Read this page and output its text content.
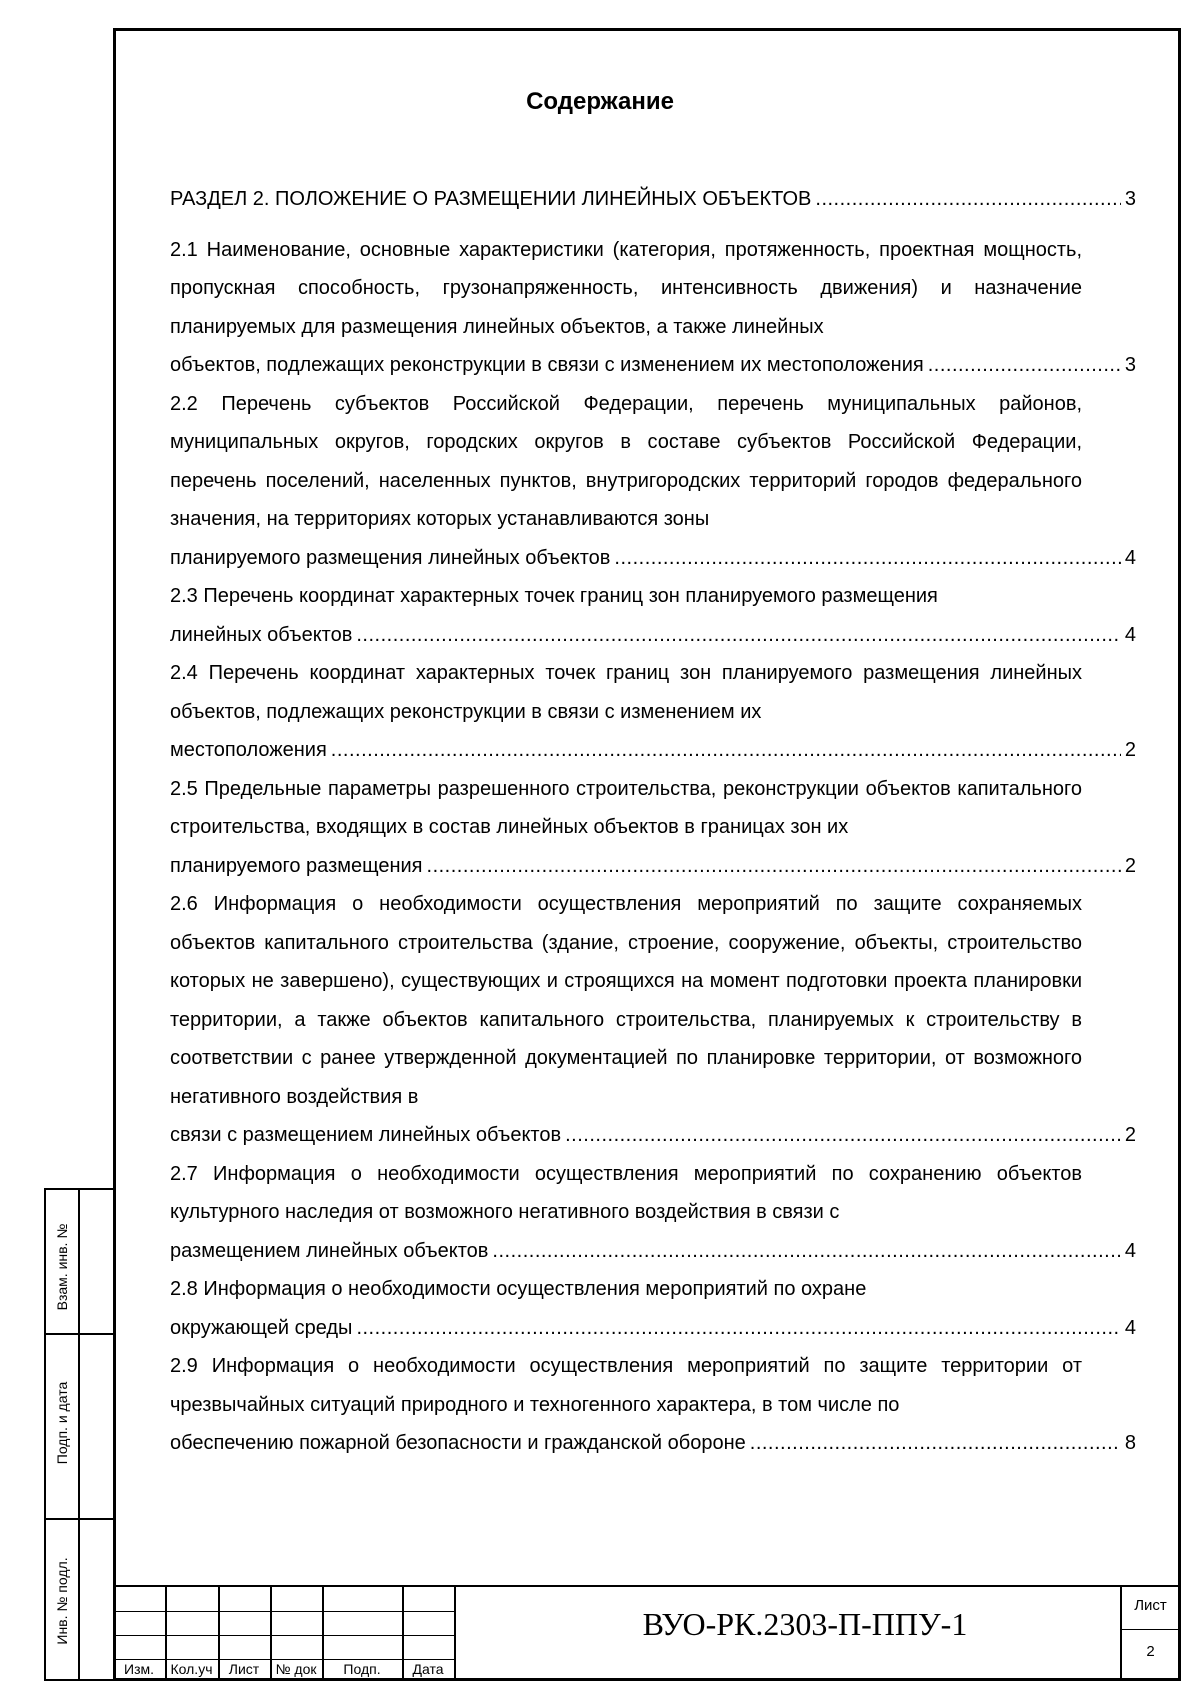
Содержание
РАЗДЕЛ 2. ПОЛОЖЕНИЕ О РАЗМЕЩЕНИИ ЛИНЕЙНЫХ ОБЪЕКТОВ .....	3
2.1 Наименование, основные характеристики (категория, протяженность, проектная мощность, пропускная способность, грузонапряженность, интенсивность движения) и назначение планируемых для размещения линейных объектов, а также линейных
объектов, подлежащих реконструкции в связи с изменением их местоположения .....	3
2.2 Перечень субъектов Российской Федерации, перечень муниципальных районов, муниципальных округов, городских округов в составе субъектов Российской Федерации, перечень поселений, населенных пунктов, внутригородских территорий городов федерального значения, на территориях которых устанавливаются зоны
планируемого размещения линейных объектов .....	4
2.3 Перечень координат характерных точек границ зон планируемого размещения
линейных объектов .....	4
2.4 Перечень координат характерных точек границ зон планируемого размещения линейных объектов, подлежащих реконструкции в связи с изменением их
местоположения .....	2
2.5 Предельные параметры разрешенного строительства, реконструкции объектов капитального строительства, входящих в состав линейных объектов в границах зон их
планируемого размещения .....	2
2.6 Информация о необходимости осуществления мероприятий по защите сохраняемых объектов капитального строительства (здание, строение, сооружение, объекты, строительство которых не завершено), существующих и строящихся на момент подготовки проекта планировки территории, а также объектов капитального строительства, планируемых к строительству в соответствии с ранее утвержденной документацией по планировке территории, от возможного негативного воздействия в
связи с размещением линейных объектов .....	2
2.7 Информация о необходимости осуществления мероприятий по сохранению объектов культурного наследия от возможного негативного воздействия в связи с
размещением линейных объектов .....	4
2.8 Информация о необходимости осуществления мероприятий по охране
окружающей среды .....	4
2.9 Информация о необходимости осуществления мероприятий по защите территории от чрезвычайных ситуаций природного и техногенного характера, в том числе по
обеспечению пожарной безопасности и гражданской обороне .....	8
Взам. инв. №
Подп. и дата
Инв. № подл.
Изм.	Кол.уч	Лист	№ док	Подп.	Дата
ВУО-РК.2303-П-ППУ-1
Лист
2
